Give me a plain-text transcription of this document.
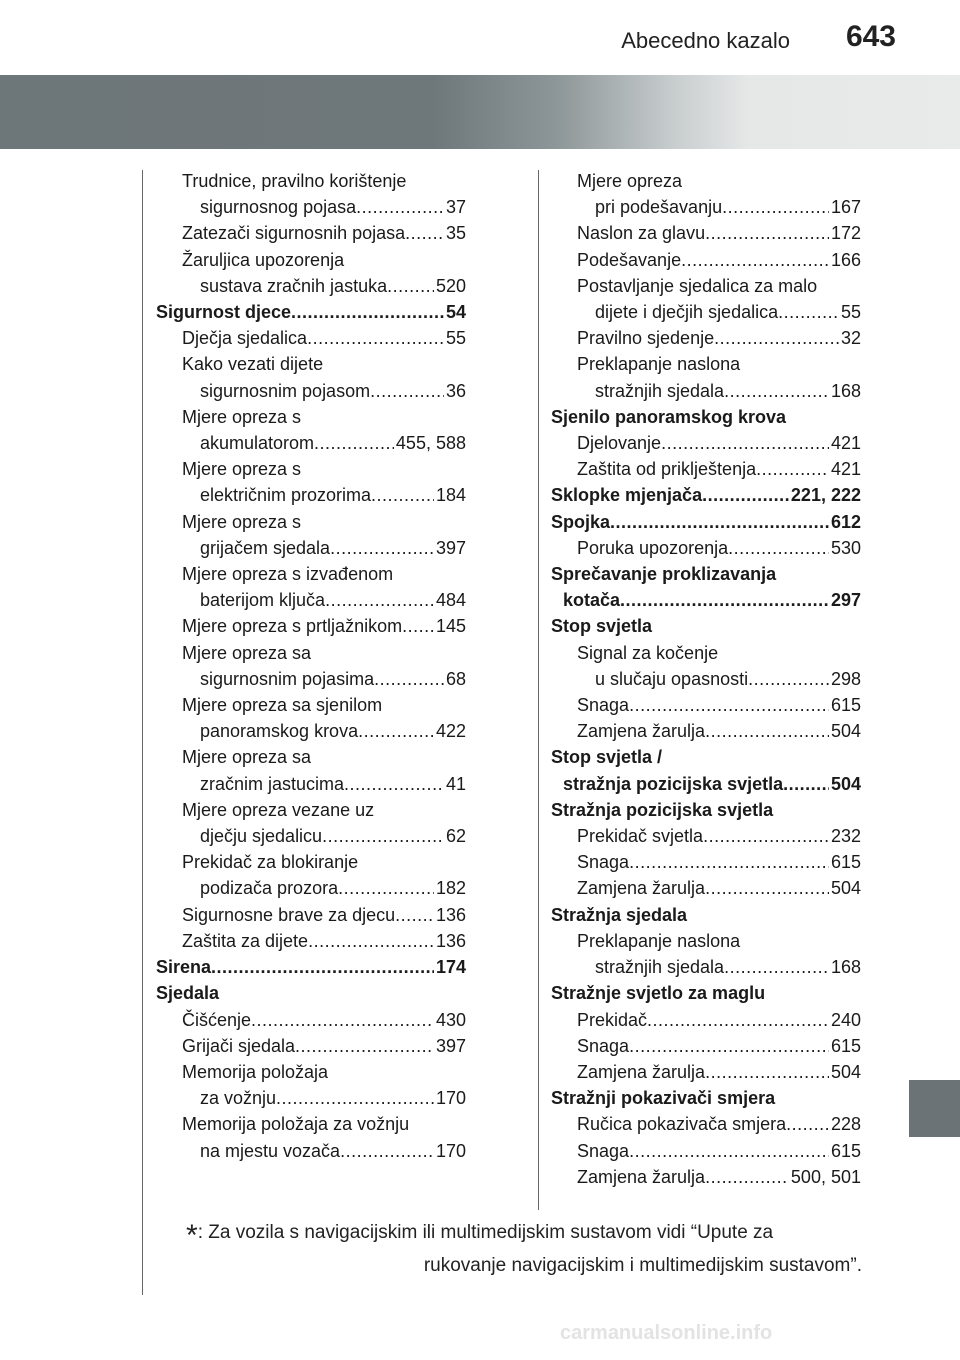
Abecedno kazalo 643
Trudnice, pravilno korištenje
sigurnosnog pojasa .....	37
Zatezači sigurnosnih pojasa ..... 35
Žaruljica upozorenja
sustava zračnih jastuka .....	520
Sigurnost djece .....	54
Dječja sjedalica .....	55
Kako vezati dijete
sigurnosnim pojasom .....	36
Mjere opreza s
akumulatorom .....	455, 588
Mjere opreza s
električnim prozorima .....	184
Mjere opreza s
grijačem sjedala .....	397
Mjere opreza s izvađenom
baterijom ključa .....	484
Mjere opreza s prtljažnikom ..... 145
Mjere opreza sa
sigurnosnim pojasima .....	68
Mjere opreza sa sjenilom
panoramskog krova .....	422
Mjere opreza sa
zračnim jastucima .....	41
Mjere opreza vezane uz
dječju sjedalicu .....	62
Prekidač za blokiranje
podizača prozora .....	182
Sigurnosne brave za djecu ..... 136
Zaštita za dijete .....	136
Sirena .....	174
Sjedala
Čišćenje .....	430
Grijači sjedala .....	397
Memorija položaja
za vožnju .....	170
Memorija položaja za vožnju
na mjestu vozača .....	170
Mjere opreza
pri podešavanju .....	167
Naslon za glavu .....	172
Podešavanje .....	166
Postavljanje sjedalica za malo
dijete i dječjih sjedalica .....	55
Pravilno sjedenje .....	32
Preklapanje naslona
stražnjih sjedala .....	168
Sjenilo panoramskog krova
Djelovanje .....	421
Zaštita od priklještenja .....	421
Sklopke mjenjača .....	221, 222
Spojka .....	612
Poruka upozorenja .....	530
Sprečavanje proklizavanja
kotača .....	297
Stop svjetla
Signal za kočenje
u slučaju opasnosti .....	298
Snaga .....	615
Zamjena žarulja .....	504
Stop svjetla /
stražnja pozicijska svjetla .....	504
Stražnja pozicijska svjetla
Prekidač svjetla .....	232
Snaga .....	615
Zamjena žarulja .....	504
Stražnja sjedala
Preklapanje naslona
stražnjih sjedala .....	168
Stražnje svjetlo za maglu
Prekidač .....	240
Snaga .....	615
Zamjena žarulja .....	504
Stražnji pokazivači smjera
Ručica pokazivača smjera ..... 228
Snaga .....	615
Zamjena žarulja .....	500, 501
*: Za vozila s navigacijskim ili multimedijskim sustavom vidi “Upute za
rukovanje navigacijskim i multimedijskim sustavom”.
carmanualsonline.info
